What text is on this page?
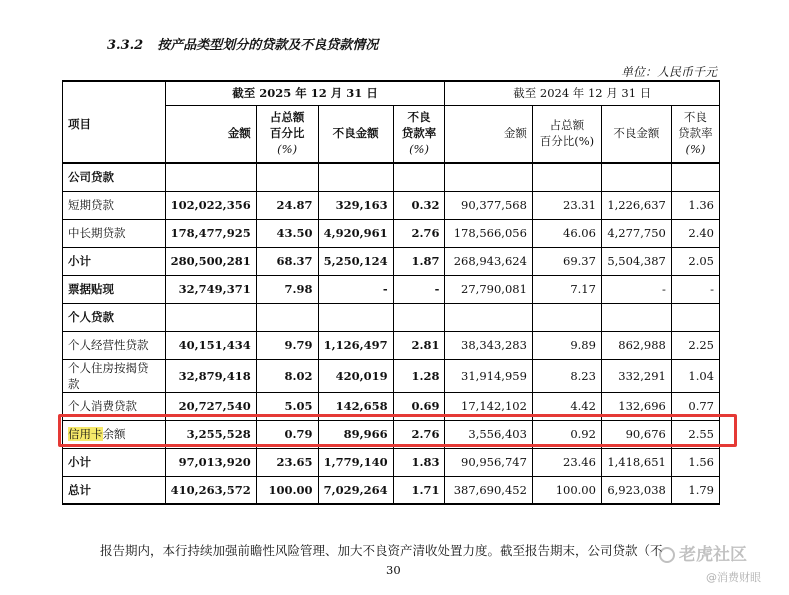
3.3.2 按产品类型划分的贷款及不良贷款情况
单位：人民币千元
项目	截至 2025 年 12 月 31 日				截至 2024 年 12 月 31 日			
	金额	占总额
百分比
(%)	不良金额	不良
贷款率
(%)	金额	占总额
百分比(%)	不良金额	不良
贷款率
(%)
公司贷款								
短期贷款	102,022,356	24.87	329,163	0.32	90,377,568	23.31	1,226,637	1.36
中长期贷款	178,477,925	43.50	4,920,961	2.76	178,566,056	46.06	4,277,750	2.40
小计	280,500,281	68.37	5,250,124	1.87	268,943,624	69.37	5,504,387	2.05
票据贴现	32,749,371	7.98	-	-	27,790,081	7.17	-	-
个人贷款								
个人经营性贷款	40,151,434	9.79	1,126,497	2.81	38,343,283	9.89	862,988	2.25
个人住房按揭贷款	32,879,418	8.02	420,019	1.28	31,914,959	8.23	332,291	1.04
个人消费贷款	20,727,540	5.05	142,658	0.69	17,142,102	4.42	132,696	0.77
信用卡余额	3,255,528	0.79	89,966	2.76	3,556,403	0.92	90,676	2.55
小计	97,013,920	23.65	1,779,140	1.83	90,956,747	23.46	1,418,651	1.56
总计	410,263,572	100.00	7,029,264	1.71	387,690,452	100.00	6,923,038	1.79
报告期内，本行持续加强前瞻性风险管理、加大不良资产清收处置力度。截至报告期末，公司贷款（不
30
老虎社区
@消费财眼
